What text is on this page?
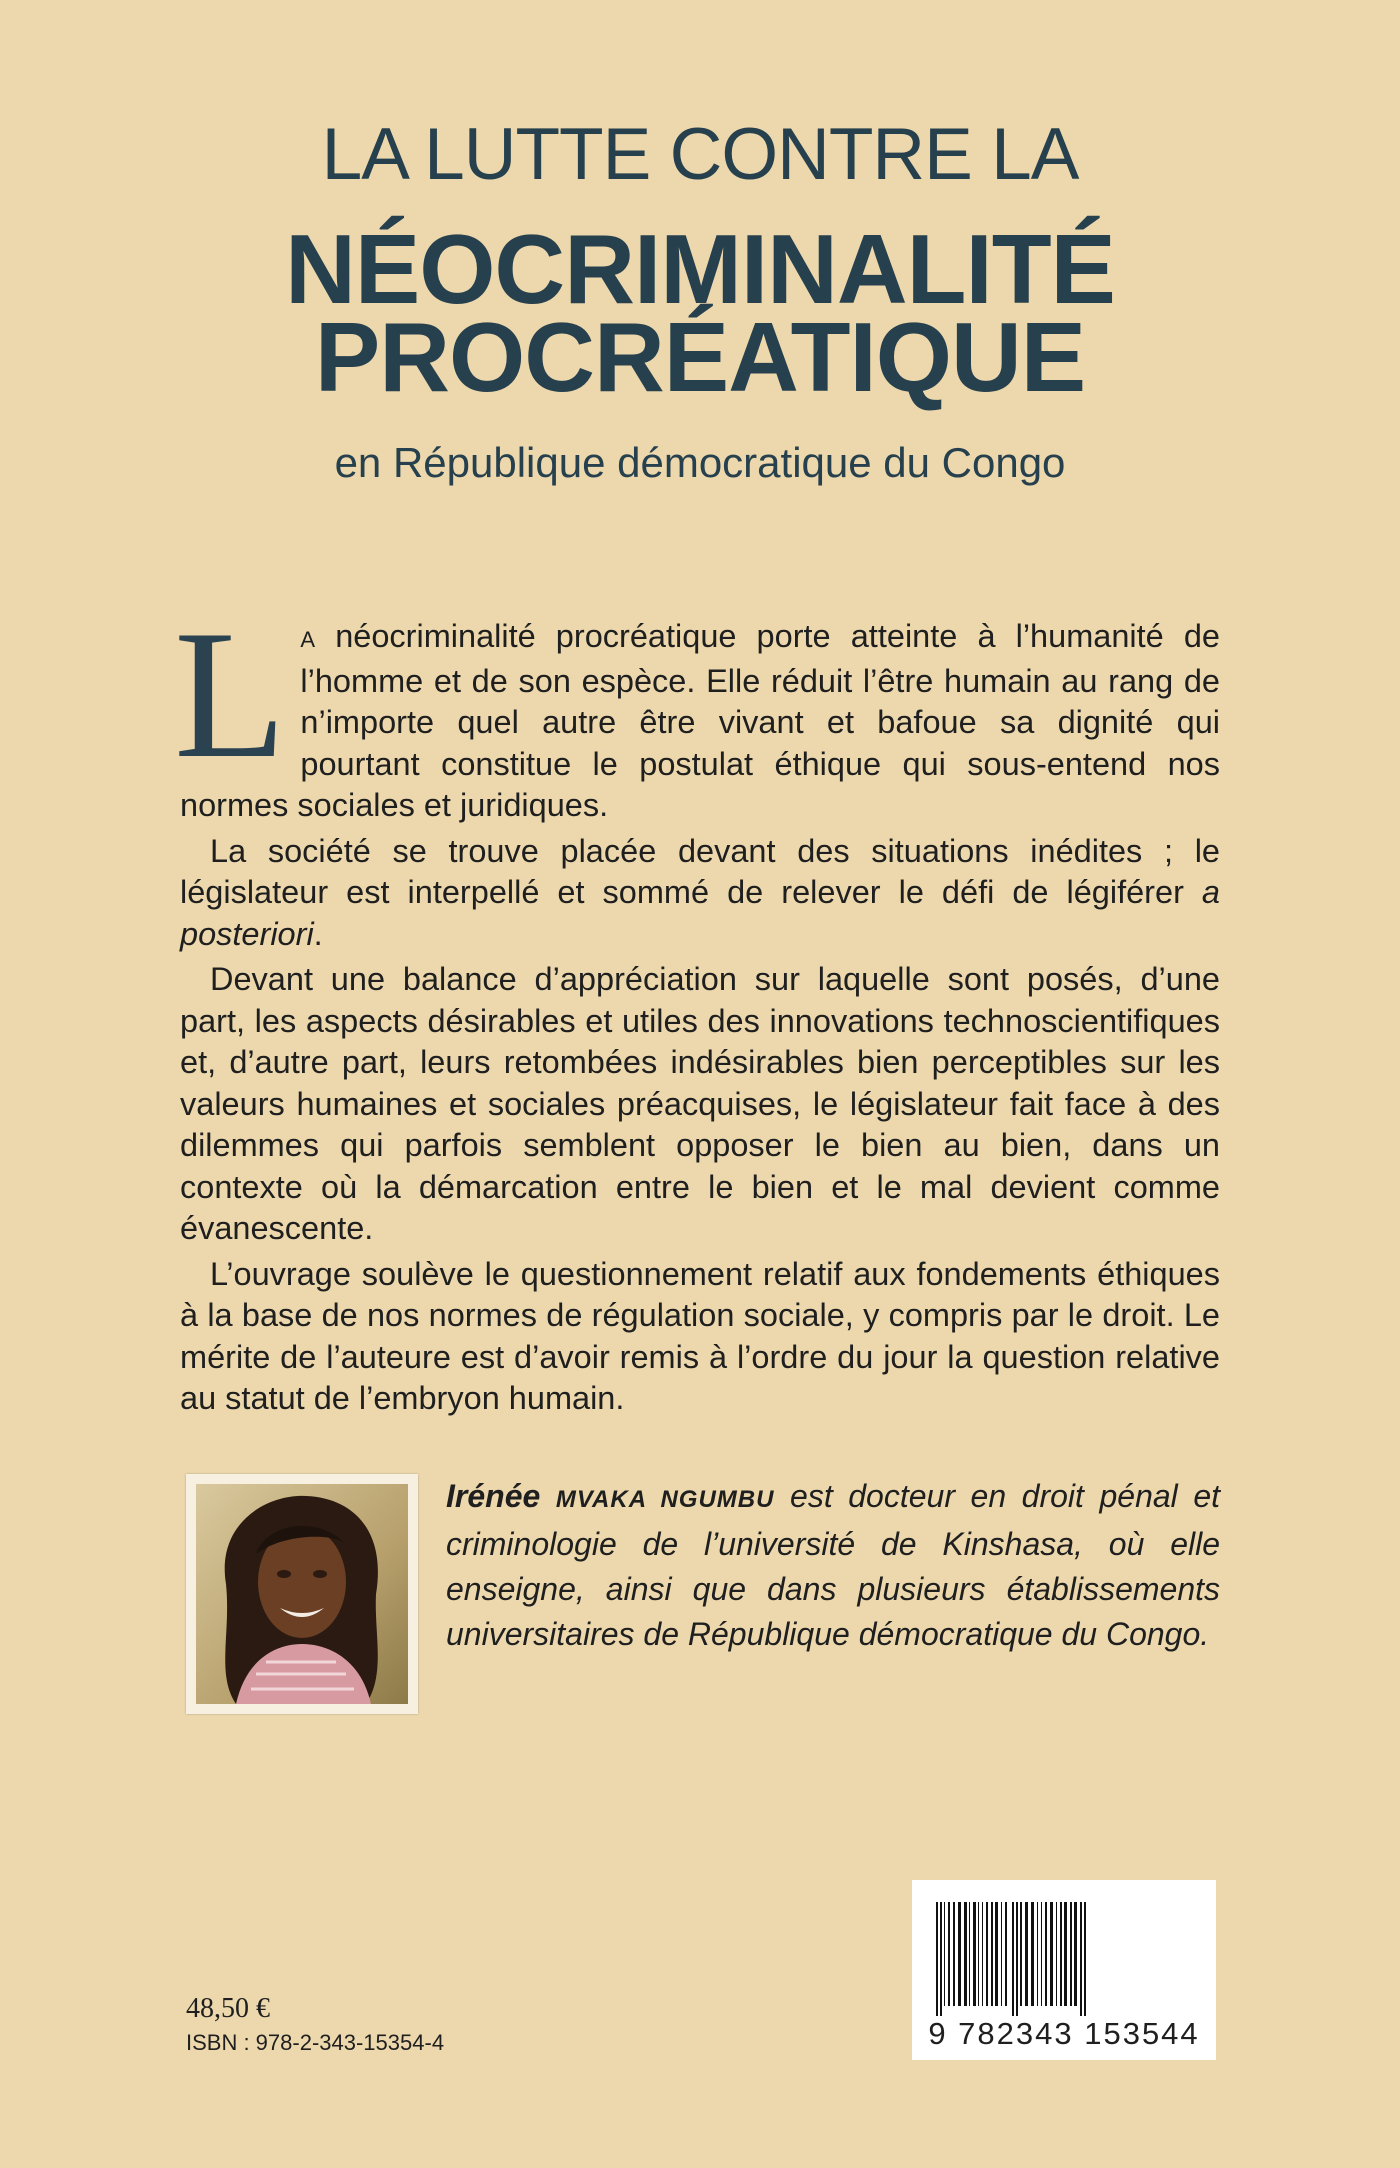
LA LUTTE CONTRE LA
NÉOCRIMINALITÉ
PROCRÉATIQUE
en République démocratique du Congo

L A néocriminalité procréatique porte atteinte à l’humanité de l’homme et de son espèce. Elle réduit l’être humain au rang de n’importe quel autre être vivant et bafoue sa dignité qui pourtant constitue le postulat éthique qui sous-entend nos normes sociales et juridiques.

La société se trouve placée devant des situations inédites ; le législateur est interpellé et sommé de relever le défi de légiférer a posteriori.

Devant une balance d’appréciation sur laquelle sont posés, d’une part, les aspects désirables et utiles des innovations technoscientifiques et, d’autre part, leurs retombées indésirables bien perceptibles sur les valeurs humaines et sociales préacquises, le législateur fait face à des dilemmes qui parfois semblent opposer le bien au bien, dans un contexte où la démarcation entre le bien et le mal devient comme évanescente.

L’ouvrage soulève le questionnement relatif aux fondements éthiques à la base de nos normes de régulation sociale, y compris par le droit. Le mérite de l’auteure est d’avoir remis à l’ordre du jour la question relative au statut de l’embryon humain.

Irénée MVAKA NGUMBU est docteur en droit pénal et criminologie de l’université de Kinshasa, où elle enseigne, ainsi que dans plusieurs établissements universitaires de République démocratique du Congo.
48,50 €
ISBN : 978-2-343-15354-4	9 782343 153544
